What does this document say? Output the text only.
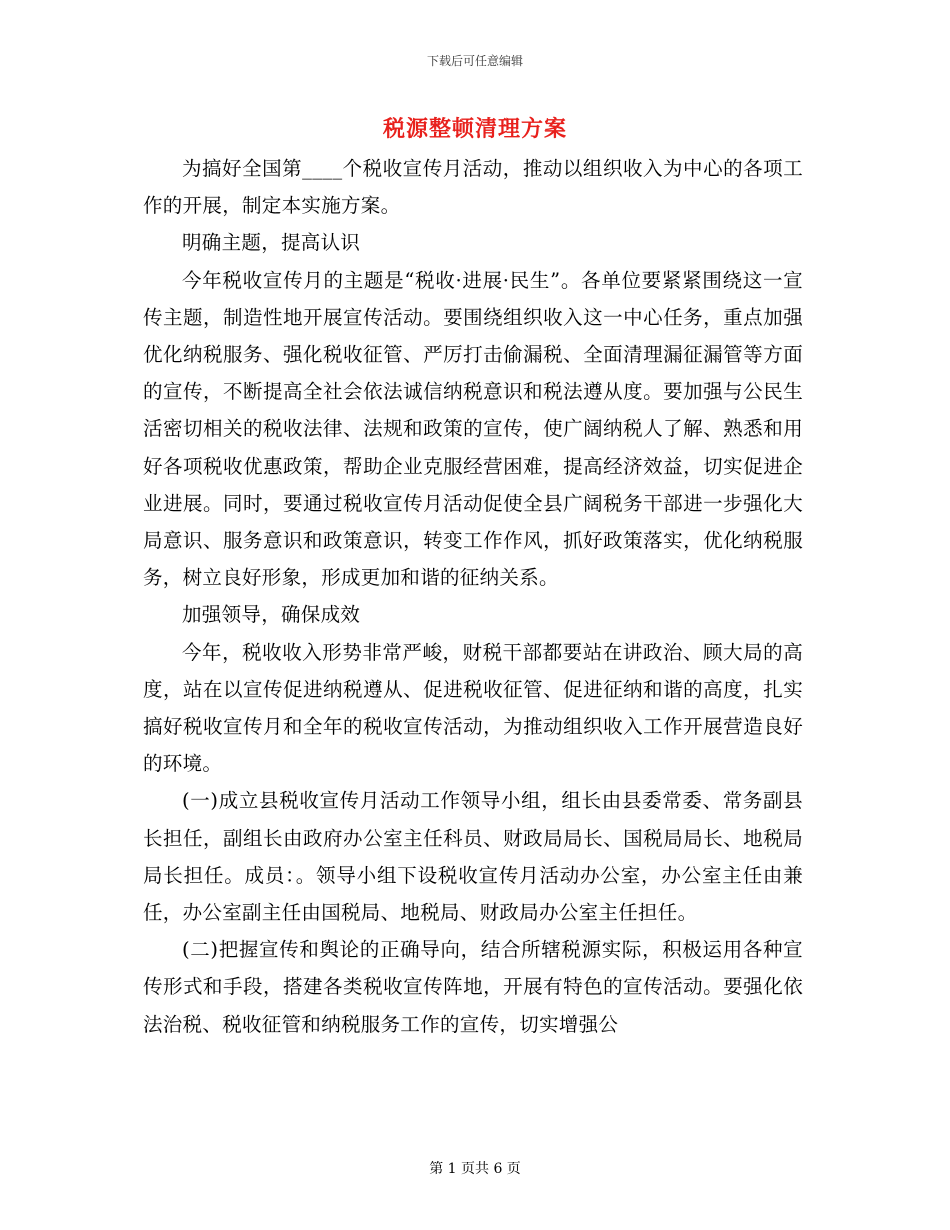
下载后可任意编辑
税源整顿清理方案

为搞好全国第____个税收宣传月活动，推动以组织收入为中心的各项工作的开展，制定本实施方案。

明确主题，提高认识

今年税收宣传月的主题是“税收·进展·民生”。各单位要紧紧围绕这一宣传主题，制造性地开展宣传活动。要围绕组织收入这一中心任务，重点加强优化纳税服务、强化税收征管、严厉打击偷漏税、全面清理漏征漏管等方面的宣传，不断提高全社会依法诚信纳税意识和税法遵从度。要加强与公民生活密切相关的税收法律、法规和政策的宣传，使广阔纳税人了解、熟悉和用好各项税收优惠政策，帮助企业克服经营困难，提高经济效益，切实促进企业进展。同时，要通过税收宣传月活动促使全县广阔税务干部进一步强化大局意识、服务意识和政策意识，转变工作作风，抓好政策落实，优化纳税服务，树立良好形象，形成更加和谐的征纳关系。

加强领导，确保成效

今年，税收收入形势非常严峻，财税干部都要站在讲政治、顾大局的高度，站在以宣传促进纳税遵从、促进税收征管、促进征纳和谐的高度，扎实搞好税收宣传月和全年的税收宣传活动，为推动组织收入工作开展营造良好的环境。

(一)成立县税收宣传月活动工作领导小组，组长由县委常委、常务副县长担任，副组长由政府办公室主任科员、财政局局长、国税局局长、地税局局长担任。成员：。领导小组下设税收宣传月活动办公室，办公室主任由兼任，办公室副主任由国税局、地税局、财政局办公室主任担任。

(二)把握宣传和舆论的正确导向，结合所辖税源实际，积极运用各种宣传形式和手段，搭建各类税收宣传阵地，开展有特色的宣传活动。要强化依法治税、税收征管和纳税服务工作的宣传，切实增强公

第 1 页共 6 页
